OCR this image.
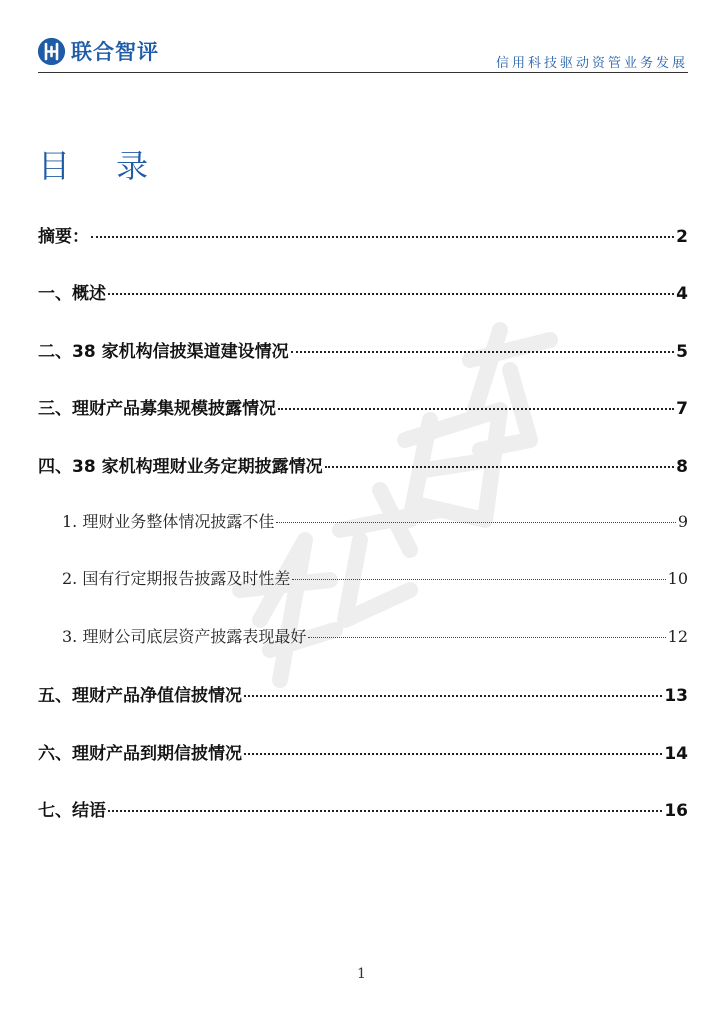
联合智评	信用科技驱动资管业务发展
目 录
摘要：	2
一、概述	4
二、38 家机构信披渠道建设情况	5
三、理财产品募集规模披露情况	7
四、38 家机构理财业务定期披露情况	8
1. 理财业务整体情况披露不佳	9
2. 国有行定期报告披露及时性差	10
3. 理财公司底层资产披露表现最好	12
五、理财产品净值信披情况	13
六、理财产品到期信披情况	14
七、结语	16
1
